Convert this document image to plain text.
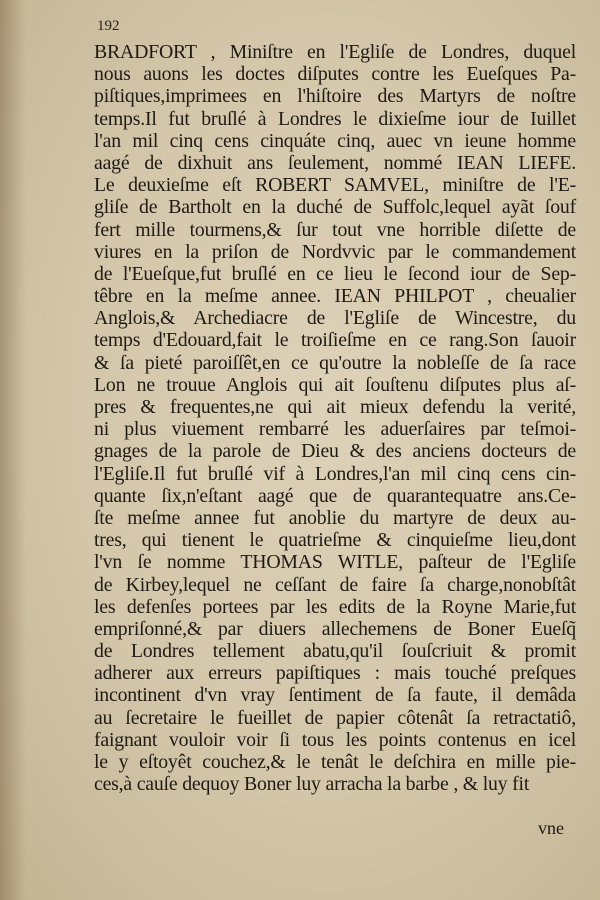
192
BRADFORT , Miniſtre en l'Egliſe de Londres, duquel
nous auons les doctes diſputes contre les Eueſques Pa-
piſtiques,imprimees en l'hiſtoire des Martyrs de noſtre
temps.Il fut bruſlé à Londres le dixieſme iour de Iuillet
l'an mil cinq cens cinquáte cinq, auec vn ieune homme
aagé de dixhuit ans ſeulement, nommé IEAN LIEFE.
Le deuxieſme eſt ROBERT SAMVEL, miniſtre de l'E-
gliſe de Bartholt en la duché de Suffolc,lequel ayãt ſouf
fert mille tourmens,& ſur tout vne horrible diſette de
viures en la priſon de Nordvvic par le commandement
de l'Eueſque,fut bruſlé en ce lieu le ſecond iour de Sep-
têbre en la meſme annee. IEAN PHILPOT , cheualier
Anglois,& Archediacre de l'Egliſe de Wincestre, du
temps d'Edouard,fait le troiſieſme en ce rang.Son ſauoir
& ſa pieté paroiſſêt,en ce qu'outre la nobleſſe de ſa race
Lon ne trouue Anglois qui ait ſouſtenu diſputes plus aſ-
pres & frequentes,ne qui ait mieux defendu la verité,
ni plus viuement rembarré les aduerſaires par teſmoi-
gnages de la parole de Dieu & des anciens docteurs de
l'Egliſe.Il fut bruſlé vif à Londres,l'an mil cinq cens cin-
quante ſix,n'eſtant aagé que de quarantequatre ans.Ce-
ſte meſme annee fut anoblie du martyre de deux au-
tres, qui tienent le quatrieſme & cinquieſme lieu,dont
l'vn ſe nomme THOMAS WITLE, paſteur de l'Egliſe
de Kirbey,lequel ne ceſſant de faire ſa charge,nonobſtât
les defenſes portees par les edits de la Royne Marie,fut
empriſonné,& par diuers allechemens de Boner Eueſq̃
de Londres tellement abatu,qu'il ſouſcriuit & promit
adherer aux erreurs papiſtiques : mais touché preſques
incontinent d'vn vray ſentiment de ſa faute, il demâda
au ſecretaire le fueillet de papier côtenât ſa retractatiô,
faignant vouloir voir ſi tous les points contenus en icel
le y eſtoyêt couchez,& le tenât le deſchira en mille pie-
ces,à cauſe dequoy Boner luy arracha la barbe , & luy fit
vne
